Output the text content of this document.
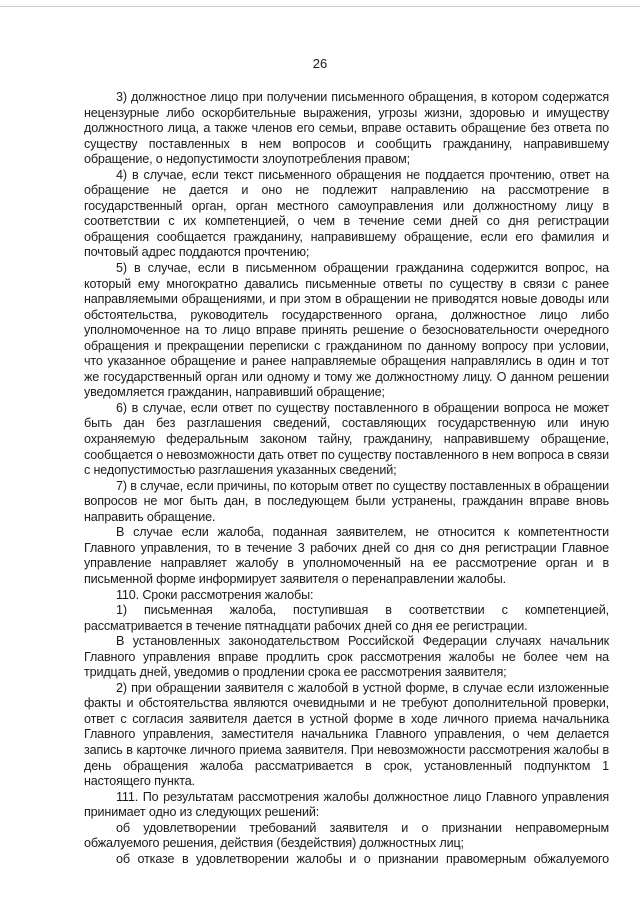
26

3) должностное лицо при получении письменного обращения, в котором содержатся нецензурные либо оскорбительные выражения, угрозы жизни, здоровью и имуществу должностного лица, а также членов его семьи, вправе оставить обращение без ответа по существу поставленных в нем вопросов и сообщить гражданину, направившему обращение, о недопустимости злоупотребления правом;

4) в случае, если текст письменного обращения не поддается прочтению, ответ на обращение не дается и оно не подлежит направлению на рассмотрение в государственный орган, орган местного самоуправления или должностному лицу в соответствии с их компетенцией, о чем в течение семи дней со дня регистрации обращения сообщается гражданину, направившему обращение, если его фамилия и почтовый адрес поддаются прочтению;

5) в случае, если в письменном обращении гражданина содержится вопрос, на который ему многократно давались письменные ответы по существу в связи с ранее направляемыми обращениями, и при этом в обращении не приводятся новые доводы или обстоятельства, руководитель государственного органа, должностное лицо либо уполномоченное на то лицо вправе принять решение о безосновательности очередного обращения и прекращении переписки с гражданином по данному вопросу при условии, что указанное обращение и ранее направляемые обращения направлялись в один и тот же государственный орган или одному и тому же должностному лицу. О данном решении уведомляется гражданин, направивший обращение;

6) в случае, если ответ по существу поставленного в обращении вопроса не может быть дан без разглашения сведений, составляющих государственную или иную охраняемую федеральным законом тайну, гражданину, направившему обращение, сообщается о невозможности дать ответ по существу поставленного в нем вопроса в связи с недопустимостью разглашения указанных сведений;

7) в случае, если причины, по которым ответ по существу поставленных в обращении вопросов не мог быть дан, в последующем были устранены, гражданин вправе вновь направить обращение.

В случае если жалоба, поданная заявителем, не относится к компетентности Главного управления, то в течение 3 рабочих дней со дня со дня регистрации Главное управление направляет жалобу в уполномоченный на ее рассмотрение орган и в письменной форме информирует заявителя о перенаправлении жалобы.

110. Сроки рассмотрения жалобы:

1) письменная жалоба, поступившая в соответствии с компетенцией, рассматривается в течение пятнадцати рабочих дней со дня ее регистрации.

В установленных законодательством Российской Федерации случаях начальник Главного управления вправе продлить срок рассмотрения жалобы не более чем на тридцать дней, уведомив о продлении срока ее рассмотрения заявителя;

2) при обращении заявителя с жалобой в устной форме, в случае если изложенные факты и обстоятельства являются очевидными и не требуют дополнительной проверки, ответ с согласия заявителя дается в устной форме в ходе личного приема начальника Главного управления, заместителя начальника Главного управления, о чем делается запись в карточке личного приема заявителя. При невозможности рассмотрения жалобы в день обращения жалоба рассматривается в срок, установленный подпунктом 1 настоящего пункта.

111. По результатам рассмотрения жалобы должностное лицо Главного управления принимает одно из следующих решений:

об удовлетворении требований заявителя и о признании неправомерным обжалуемого решения, действия (бездействия) должностных лиц;

об отказе в удовлетворении жалобы и о признании правомерным обжалуемого
